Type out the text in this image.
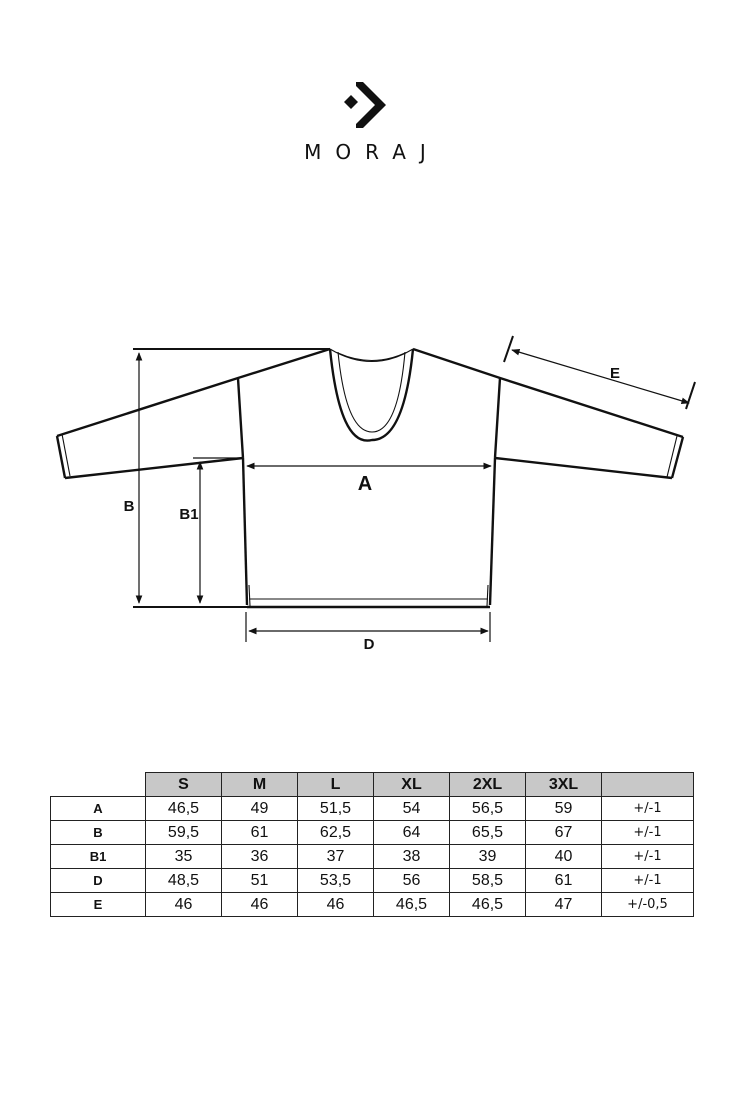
MORAJ
A
B	B1
D
E
	S	M	L	XL	2XL	3XL	
A	46,5	49	51,5	54	56,5	59	+/-1
B	59,5	61	62,5	64	65,5	67	+/-1
B1	35	36	37	38	39	40	+/-1
D	48,5	51	53,5	56	58,5	61	+/-1
E	46	46	46	46,5	46,5	47	+/-0,5
